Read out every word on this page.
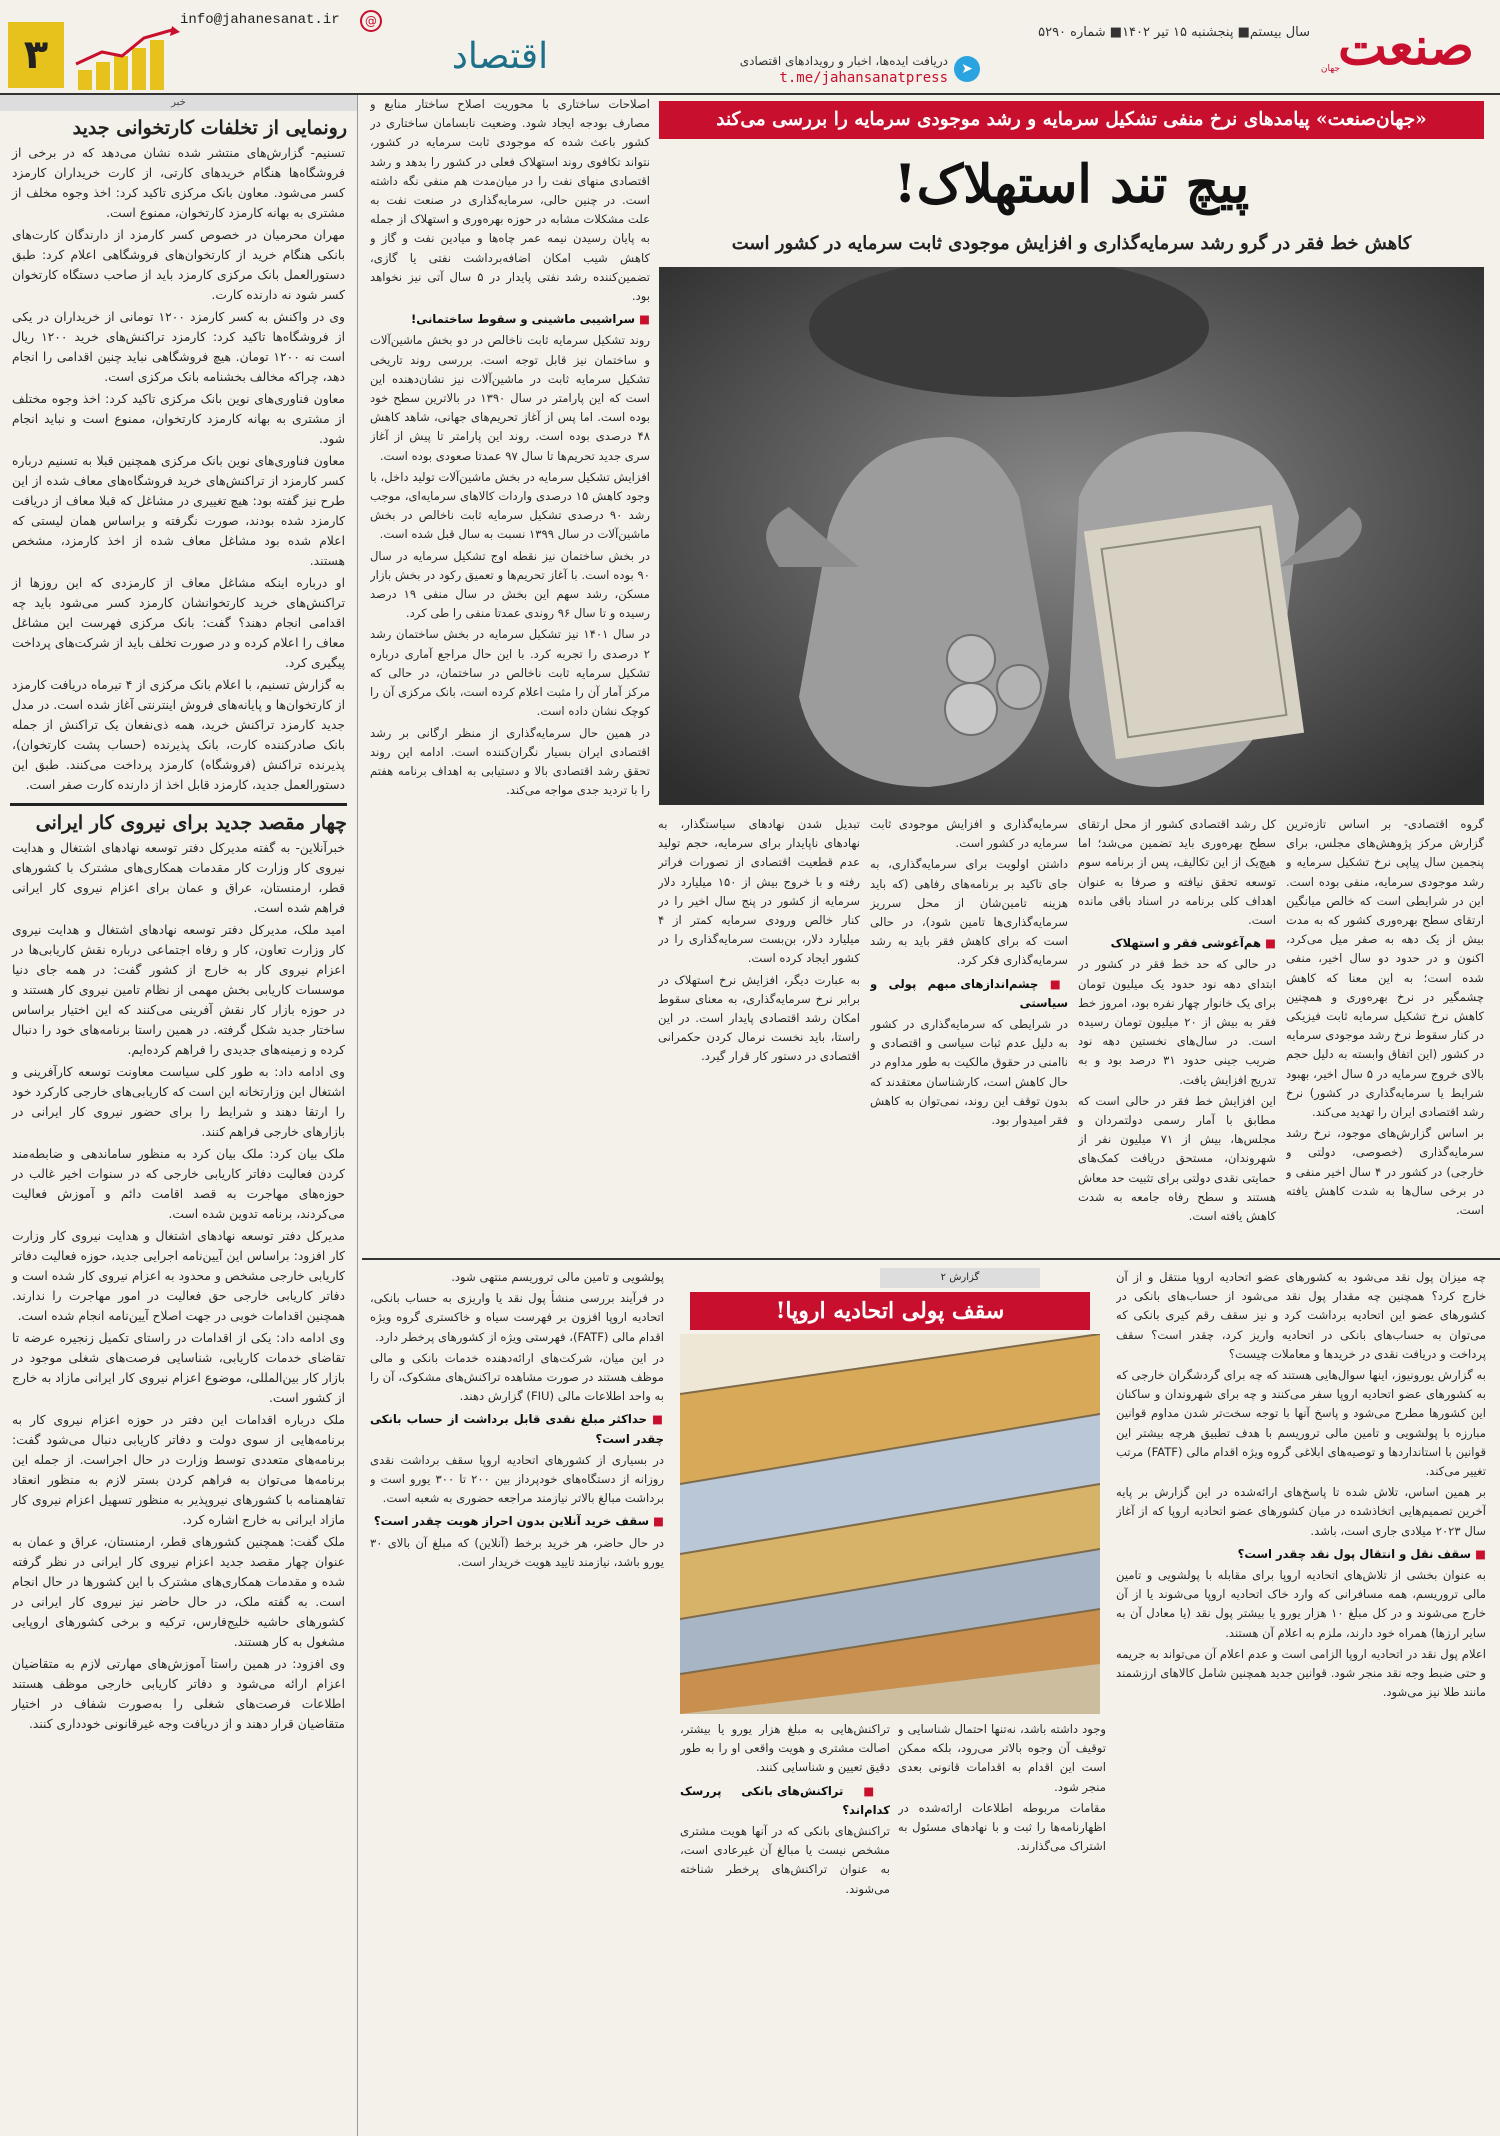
صنعت
جهان
سال بیستم■ پنجشنبه ۱۵ تیر ۱۴۰۲■ شماره ۵۲۹۰
➤
دریافت ایده‌ها، اخبار و رویدادهای اقتصادی
t.me/jahansanatpress
اقتصاد
@
info@jahanesanat.ir
۳
خبر
رونمایی از تخلفات کارتخوانی جدید

تسنیم- گزارش‌های منتشر شده نشان می‌دهد که در برخی از فروشگاه‌ها هنگام خریدهای کارتی، از کارت خریداران کارمزد کسر می‌شود. معاون بانک مرکزی تاکید کرد: اخذ وجوه مخلف از مشتری به بهانه کارمزد کارتخوان، ممنوع است.

مهران محرمیان در خصوص کسر کارمزد از دارندگان کارت‌های بانکی هنگام خرید از کارتخوان‌های فروشگاهی اعلام کرد: طبق دستورالعمل بانک مرکزی کارمزد باید از صاحب دستگاه کارتخوان کسر شود نه دارنده کارت.

وی در واکنش به کسر کارمزد ۱۲۰۰ تومانی از خریداران در یکی از فروشگاه‌ها تاکید کرد: کارمزد تراکنش‌های خرید ۱۲۰۰ ریال است نه ۱۲۰۰ تومان. هیچ فروشگاهی نباید چنین اقدامی را انجام دهد، چراکه مخالف بخشنامه بانک مرکزی است.

معاون فناوری‌های نوین بانک مرکزی تاکید کرد: اخذ وجوه مختلف از مشتری به بهانه کارمزد کارتخوان، ممنوع است و نباید انجام شود.

معاون فناوری‌های نوین بانک مرکزی همچنین قبلا به تسنیم درباره کسر کارمزد از تراکنش‌های خرید فروشگاه‌های معاف شده از این طرح نیز گفته بود: هیچ تغییری در مشاغل که قبلا معاف از دریافت کارمزد شده بودند، صورت نگرفته و براساس همان لیستی که اعلام شده بود مشاغل معاف شده از اخذ کارمزد، مشخص هستند.

او درباره اینکه مشاغل معاف از کارمزدی که این روزها از تراکنش‌های خرید کارتخوانشان کارمزد کسر می‌شود باید چه اقدامی انجام دهند؟ گفت: بانک مرکزی فهرست این مشاغل معاف را اعلام کرده و در صورت تخلف باید از شرکت‌های پرداخت پیگیری کرد.

به گزارش تسنیم، با اعلام بانک مرکزی از ۴ تیرماه دریافت کارمزد از کارتخوان‌ها و پایانه‌های فروش اینترنتی آغاز شده است. در مدل جدید کارمزد تراکنش خرید، همه ذی‌نفعان یک تراکنش از جمله بانک صادرکننده کارت، بانک پذیرنده (حساب پشت کارتخوان)، پذیرنده تراکنش (فروشگاه) کارمزد پرداخت می‌کنند. طبق این دستورالعمل جدید، کارمزد قابل اخذ از دارنده کارت صفر است.

چهار مقصد جدید برای نیروی کار ایرانی

خبرآنلاین- به گفته مدیرکل دفتر توسعه نهادهای اشتغال و هدایت نیروی کار وزارت کار مقدمات همکاری‌های مشترک با کشورهای قطر، ارمنستان، عراق و عمان برای اعزام نیروی کار ایرانی فراهم شده است.

امید ملک، مدیرکل دفتر توسعه نهادهای اشتغال و هدایت نیروی کار وزارت تعاون، کار و رفاه اجتماعی درباره نقش کاریابی‌ها در اعزام نیروی کار به خارج از کشور گفت: در همه جای دنیا موسسات کاریابی بخش مهمی از نظام تامین نیروی کار هستند و در حوزه بازار کار نقش آفرینی می‌کنند که این اختیار براساس ساختار جدید شکل گرفته. در همین راستا برنامه‌های خود را دنبال کرده و زمینه‌های جدیدی را فراهم کرده‌ایم.

وی ادامه داد: به طور کلی سیاست معاونت توسعه کارآفرینی و اشتغال این وزارتخانه این است که کاریابی‌های خارجی کارکرد خود را ارتقا دهند و شرایط را برای حضور نیروی کار ایرانی در بازارهای خارجی فراهم کنند.

ملک بیان کرد: ملک بیان کرد به منظور ساماندهی و ضابطه‌مند کردن فعالیت دفاتر کاریابی خارجی که در سنوات اخیر غالب در حوزه‌های مهاجرت به قصد اقامت دائم و آموزش فعالیت می‌کردند، برنامه تدوین شده است.

مدیرکل دفتر توسعه نهادهای اشتغال و هدایت نیروی کار وزارت کار افزود: براساس این آیین‌نامه اجرایی جدید، حوزه فعالیت دفاتر کاریابی خارجی مشخص و محدود به اعزام نیروی کار شده است و دفاتر کاریابی خارجی حق فعالیت در امور مهاجرت را ندارند. همچنین اقدامات خوبی در جهت اصلاح آیین‌نامه انجام شده است.

وی ادامه داد: یکی از اقدامات در راستای تکمیل زنجیره عرضه تا تقاضای خدمات کاریابی، شناسایی فرصت‌های شغلی موجود در بازار کار بین‌المللی، موضوع اعزام نیروی کار ایرانی مازاد به خارج از کشور است.

ملک درباره اقدامات این دفتر در حوزه اعزام نیروی کار به برنامه‌هایی از سوی دولت و دفاتر کاریابی دنبال می‌شود گفت: برنامه‌های متعددی توسط وزارت در حال اجراست. از جمله این برنامه‌ها می‌توان به فراهم کردن بستر لازم به منظور انعقاد تفاهمنامه با کشورهای نیروپذیر به منظور تسهیل اعزام نیروی کار مازاد ایرانی به خارج اشاره کرد.

ملک گفت: همچنین کشورهای قطر، ارمنستان، عراق و عمان به عنوان چهار مقصد جدید اعزام نیروی کار ایرانی در نظر گرفته شده و مقدمات همکاری‌های مشترک با این کشورها در حال انجام است. به گفته ملک، در حال حاضر نیز نیروی کار ایرانی در کشورهای حاشیه خلیج‌فارس، ترکیه و برخی کشورهای اروپایی مشغول به کار هستند.

وی افزود: در همین راستا آموزش‌های مهارتی لازم به متقاضیان اعزام ارائه می‌شود و دفاتر کاریابی خارجی موظف هستند اطلاعات فرصت‌های شغلی را به‌صورت شفاف در اختیار متقاضیان قرار دهند و از دریافت وجه غیرقانونی خودداری کنند.

«جهان‌صنعت» پیامدهای نرخ منفی تشکیل سرمایه و رشد موجودی سرمایه را بررسی می‌کند
پیچ تند استهلاک!
کاهش خط فقر در گرو رشد سرمایه‌گذاری و افزایش موجودی ثابت سرمایه در کشور است

گروه اقتصادی- بر اساس تازه‌ترین گزارش مرکز پژوهش‌های مجلس، برای پنجمین سال پیاپی نرخ تشکیل سرمایه و رشد موجودی سرمایه، منفی بوده است. این در شرایطی است که خالص میانگین ارتقای سطح بهره‌وری کشور که به مدت بیش از یک دهه به صفر میل می‌کرد، اکنون و در حدود دو سال اخیر، منفی شده است؛ به این معنا که کاهش چشمگیر در نرخ بهره‌وری و همچنین کاهش نرخ تشکیل سرمایه ثابت فیزیکی در کنار سقوط نرخ رشد موجودی سرمایه در کشور (این اتفاق وابسته به دلیل حجم بالای خروج سرمایه در ۵ سال اخیر، بهبود شرایط یا سرمایه‌گذاری در کشور) نرخ رشد اقتصادی ایران را تهدید می‌کند.

بر اساس گزارش‌های موجود، نرخ رشد سرمایه‌گذاری (خصوصی، دولتی و خارجی) در کشور در ۴ سال اخیر منفی و در برخی سال‌ها به شدت کاهش یافته است.

کل رشد اقتصادی کشور از محل ارتقای سطح بهره‌وری باید تضمین می‌شد؛ اما هیچ‌یک از این تکالیف، پس از برنامه سوم توسعه تحقق نیافته و صرفا به عنوان اهداف کلی برنامه در اسناد باقی مانده است.

■ هم‌آغوشی فقر و استهلاک

در حالی که حد خط فقر در کشور در ابتدای دهه نود حدود یک میلیون تومان برای یک خانوار چهار نفره بود، امروز خط فقر به بیش از ۲۰ میلیون تومان رسیده است. در سال‌های نخستین دهه نود ضریب جینی حدود ۳۱ درصد بود و به تدریج افزایش یافت.

این افزایش خط فقر در حالی است که مطابق با آمار رسمی دولتمردان و مجلس‌ها، بیش از ۷۱ میلیون نفر از شهروندان، مستحق دریافت کمک‌های حمایتی نقدی دولتی برای تثبیت حد معاش هستند و سطح رفاه جامعه به شدت کاهش یافته است.

سرمایه‌گذاری و افزایش موجودی ثابت سرمایه در کشور است.

داشتن اولویت برای سرمایه‌گذاری، به جای تاکید بر برنامه‌های رفاهی (که باید هزینه تامین‌شان از محل سرریز سرمایه‌گذاری‌ها تامین شود)، در حالی است که برای کاهش فقر باید به رشد سرمایه‌گذاری فکر کرد.

■ چشم‌اندازهای مبهم پولی و سیاستی

در شرایطی که سرمایه‌گذاری در کشور به دلیل عدم ثبات سیاسی و اقتصادی و ناامنی در حقوق مالکیت به طور مداوم در حال کاهش است، کارشناسان معتقدند که بدون توقف این روند، نمی‌توان به کاهش فقر امیدوار بود.

تبدیل شدن نهادهای سیاستگذار، به نهادهای ناپایدار برای سرمایه، حجم تولید عدم قطعیت اقتصادی از تصورات فراتر رفته و با خروج بیش از ۱۵۰ میلیارد دلار سرمایه از کشور در پنج سال اخیر را در کنار خالص ورودی سرمایه کمتر از ۴ میلیارد دلار، بن‌بست سرمایه‌گذاری را در کشور ایجاد کرده است.

به عبارت دیگر، افزایش نرخ استهلاک در برابر نرخ سرمایه‌گذاری، به معنای سقوط امکان رشد اقتصادی پایدار است. در این راستا، باید نخست نرمال کردن حکمرانی اقتصادی در دستور کار قرار گیرد.

اصلاحات ساختاری با محوریت اصلاح ساختار منابع و مصارف بودجه ایجاد شود. وضعیت نابسامان ساختاری در کشور باعث شده که موجودی ثابت سرمایه در کشور، نتواند تکافوی روند استهلاک فعلی در کشور را بدهد و رشد اقتصادی منهای نفت را در میان‌مدت هم منفی نگه داشته است. در چنین حالی، سرمایه‌گذاری در صنعت نفت به علت مشکلات مشابه در حوزه بهره‌وری و استهلاک از جمله به پایان رسیدن نیمه عمر چاه‌ها و میادین نفت و گاز و کاهش شیب امکان اضافه‌برداشت نفتی یا گازی، تضمین‌کننده رشد نفتی پایدار در ۵ سال آتی نیز نخواهد بود.

■ سراشیبی ماشینی و سقوط ساختمانی!

روند تشکیل سرمایه ثابت ناخالص در دو بخش ماشین‌آلات و ساختمان نیز قابل توجه است. بررسی روند تاریخی تشکیل سرمایه ثابت در ماشین‌آلات نیز نشان‌دهنده این است که این پارامتر در سال ۱۳۹۰ در بالاترین سطح خود بوده است. اما پس از آغاز تحریم‌های جهانی، شاهد کاهش ۴۸ درصدی بوده است. روند این پارامتر تا پیش از آغاز سری جدید تحریم‌ها تا سال ۹۷ عمدتا صعودی بوده است.

افزایش تشکیل سرمایه در بخش ماشین‌آلات تولید داخل، با وجود کاهش ۱۵ درصدی واردات کالاهای سرمایه‌ای، موجب رشد ۹۰ درصدی تشکیل سرمایه ثابت ناخالص در بخش ماشین‌آلات در سال ۱۳۹۹ نسبت به سال قبل شده است.

در بخش ساختمان نیز نقطه اوج تشکیل سرمایه در سال ۹۰ بوده است. با آغاز تحریم‌ها و تعمیق رکود در بخش بازار مسکن، رشد سهم این بخش در سال منفی ۱۹ درصد رسیده و تا سال ۹۶ روندی عمدتا منفی را طی کرد.

در سال ۱۴۰۱ نیز تشکیل سرمایه در بخش ساختمان رشد ۲ درصدی را تجربه کرد. با این حال مراجع آماری درباره تشکیل سرمایه ثابت ناخالص در ساختمان، در حالی که مرکز آمار آن را مثبت اعلام کرده است، بانک مرکزی آن را کوچک نشان داده است.

در همین حال سرمایه‌گذاری از منظر ارگانی بر رشد اقتصادی ایران بسیار نگران‌کننده است. ادامه این روند تحقق رشد اقتصادی بالا و دستیابی به اهداف برنامه هفتم را با تردید جدی مواجه می‌کند.

گزارش ۲
سقف پولی اتحادیه اروپا!

چه میزان پول نقد می‌شود به کشورهای عضو اتحادیه اروپا منتقل و از آن خارج کرد؟ همچنین چه مقدار پول نقد می‌شود از حساب‌های بانکی در کشورهای عضو این اتحادیه برداشت کرد و نیز سقف رقم کیری بانکی که می‌توان به حساب‌های بانکی در اتحادیه واریز کرد، چقدر است؟ سقف پرداخت و دریافت نقدی در خریدها و معاملات چیست؟

به گزارش یورونیوز، اینها سوال‌هایی هستند که چه برای گردشگران خارجی که به کشورهای عضو اتحادیه اروپا سفر می‌کنند و چه برای شهروندان و ساکنان این کشورها مطرح می‌شود و پاسخ آنها با توجه سخت‌تر شدن مداوم قوانین مبارزه با پولشویی و تامین مالی تروریسم با هدف تطبیق هرچه بیشتر این قوانین با استانداردها و توصیه‌های ابلاغی گروه ویژه اقدام مالی (FATF) مرتب تغییر می‌کند.

بر همین اساس، تلاش شده تا پاسخ‌های ارائه‌شده در این گزارش بر پایه آخرین تصمیم‌هایی اتخاذشده در میان کشورهای عضو اتحادیه اروپا که از آغاز سال ۲۰۲۳ میلادی جاری است، باشد.

■ سقف نقل و انتقال پول نقد چقدر است؟

به عنوان بخشی از تلاش‌های اتحادیه اروپا برای مقابله با پولشویی و تامین مالی تروریسم، همه مسافرانی که وارد خاک اتحادیه اروپا می‌شوند یا از آن خارج می‌شوند و در کل مبلغ ۱۰ هزار یورو یا بیشتر پول نقد (یا معادل آن به سایر ارزها) همراه خود دارند، ملزم به اعلام آن هستند.

اعلام پول نقد در اتحادیه اروپا الزامی است و عدم اعلام آن می‌تواند به جریمه و حتی ضبط وجه نقد منجر شود. قوانین جدید همچنین شامل کالاهای ارزشمند مانند طلا نیز می‌شود.

وجود داشته باشد، نه‌تنها احتمال شناسایی و توقیف آن وجوه بالاتر می‌رود، بلکه ممکن است این اقدام به اقدامات قانونی بعدی منجر شود.

مقامات مربوطه اطلاعات ارائه‌شده در اظهارنامه‌ها را ثبت و با نهادهای مسئول به اشتراک می‌گذارند.

تراکنش‌هایی به مبلغ هزار یورو یا بیشتر، اصالت مشتری و هویت واقعی او را به طور دقیق تعیین و شناسایی کنند.

■ تراکنش‌های بانکی پررسک کدام‌اند؟

تراکنش‌های بانکی که در آنها هویت مشتری مشخص نیست یا مبالغ آن غیرعادی است، به عنوان تراکنش‌های پرخطر شناخته می‌شوند.

پولشویی و تامین مالی تروریسم منتهی شود.

در فرآیند بررسی منشأ پول نقد یا واریزی به حساب بانکی، اتحادیه اروپا افزون بر فهرست سیاه و خاکستری گروه ویژه اقدام مالی (FATF)، فهرستی ویژه از کشورهای پرخطر دارد.

در این میان، شرکت‌های ارائه‌دهنده خدمات بانکی و مالی موظف هستند در صورت مشاهده تراکنش‌های مشکوک، آن را به واحد اطلاعات مالی (FIU) گزارش دهند.

■ حداکثر مبلغ نقدی قابل برداشت از حساب بانکی چقدر است؟

در بسیاری از کشورهای اتحادیه اروپا سقف برداشت نقدی روزانه از دستگاه‌های خودپرداز بین ۲۰۰ تا ۳۰۰ یورو است و برداشت مبالغ بالاتر نیازمند مراجعه حضوری به شعبه است.

■ سقف خرید آنلاین بدون احراز هویت چقدر است؟

در حال حاضر، هر خرید برخط (آنلاین) که مبلغ آن بالای ۳۰ یورو باشد، نیازمند تایید هویت خریدار است.
